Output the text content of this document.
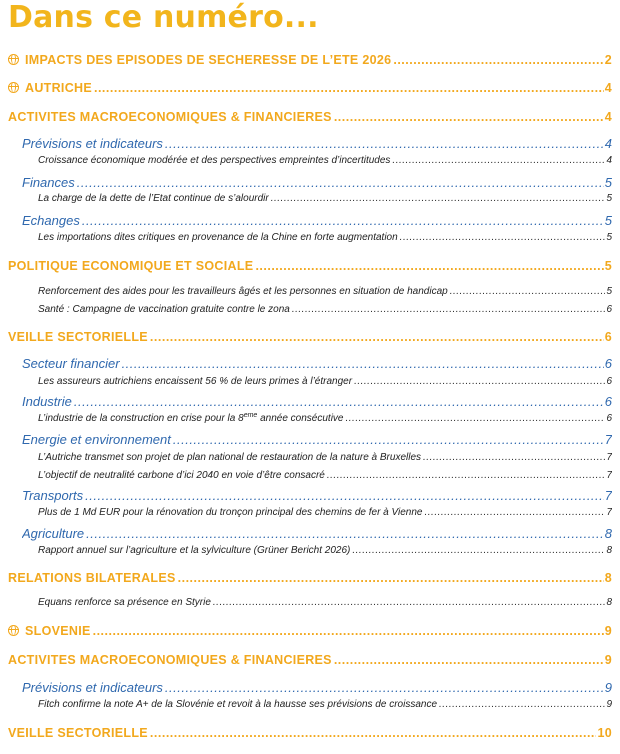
Dans ce numéro...
IMPACTS DES EPISODES DE SECHERESSE DE L’ETE 2026 .....	2
AUTRICHE .....	4
ACTIVITES MACROECONOMIQUES & FINANCIERES .....	4
Prévisions et indicateurs .....	4
Croissance économique modérée et des perspectives empreintes d’incertitudes .....	4
Finances .....	5
La charge de la dette de l’Etat continue de s’alourdir .....	5
Echanges .....	5
Les importations dites critiques en provenance de la Chine en forte augmentation .....	5
POLITIQUE ECONOMIQUE ET SOCIALE .....	5
Renforcement des aides pour les travailleurs âgés et les personnes en situation de handicap .....	5
Santé : Campagne de vaccination gratuite contre le zona .....	6
VEILLE SECTORIELLE .....	6
Secteur financier .....	6
Les assureurs autrichiens encaissent 56 % de leurs primes à l’étranger .....	6
Industrie .....	6
L’industrie de la construction en crise pour la 8ème année consécutive .....	6
Energie et environnement .....	7
L’Autriche transmet son projet de plan national de restauration de la nature à Bruxelles .....	7
L’objectif de neutralité carbone d’ici 2040 en voie d’être consacré .....	7
Transports .....	7
Plus de 1 Md EUR pour la rénovation du tronçon principal des chemins de fer à Vienne .....	7
Agriculture .....	8
Rapport annuel sur l’agriculture et la sylviculture (Grüner Bericht 2026) .....	8
RELATIONS BILATERALES .....	8
Equans renforce sa présence en Styrie .....	8
SLOVENIE .....	9
ACTIVITES MACROECONOMIQUES & FINANCIERES .....	9
Prévisions et indicateurs .....	9
Fitch confirme la note A+ de la Slovénie et revoit à la hausse ses prévisions de croissance .....	9
VEILLE SECTORIELLE .....	10
